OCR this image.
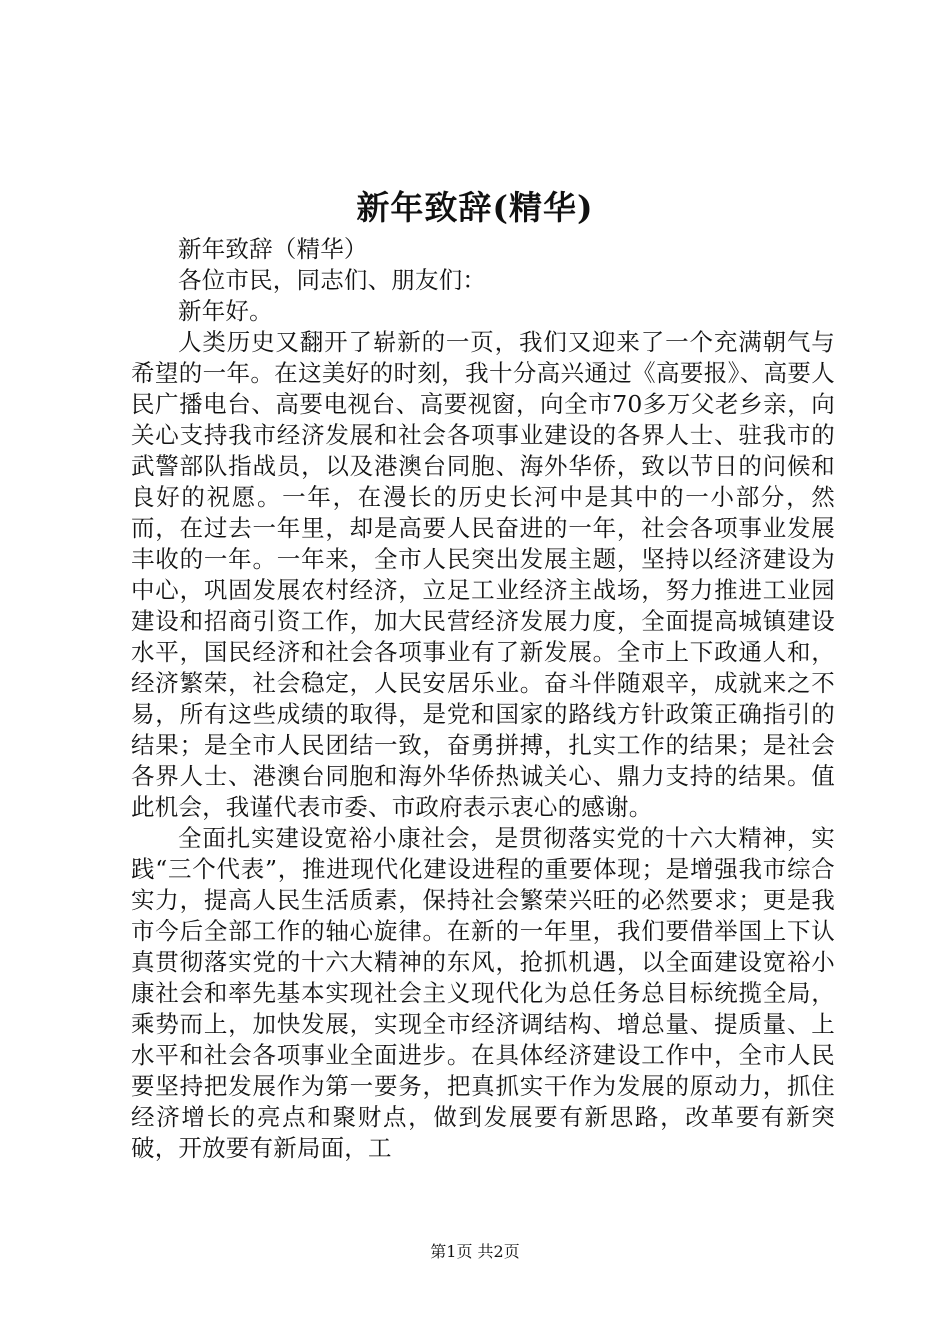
新年致辞(精华)

新年致辞（精华）

各位市民，同志们、朋友们：

新年好。

人类历史又翻开了崭新的一页，我们又迎来了一个充满朝气与希望的一年。在这美好的时刻，我十分高兴通过《高要报》、高要人民广播电台、高要电视台、高要视窗，向全市70多万父老乡亲，向关心支持我市经济发展和社会各项事业建设的各界人士、驻我市的武警部队指战员，以及港澳台同胞、海外华侨，致以节日的问候和良好的祝愿。一年，在漫长的历史长河中是其中的一小部分，然而，在过去一年里，却是高要人民奋进的一年，社会各项事业发展丰收的一年。一年来，全市人民突出发展主题，坚持以经济建设为中心，巩固发展农村经济，立足工业经济主战场，努力推进工业园建设和招商引资工作，加大民营经济发展力度，全面提高城镇建设水平，国民经济和社会各项事业有了新发展。全市上下政通人和，经济繁荣，社会稳定，人民安居乐业。奋斗伴随艰辛，成就来之不易，所有这些成绩的取得，是党和国家的路线方针政策正确指引的结果；是全市人民团结一致，奋勇拼搏，扎实工作的结果；是社会各界人士、港澳台同胞和海外华侨热诚关心、鼎力支持的结果。值此机会，我谨代表市委、市政府表示衷心的感谢。

全面扎实建设宽裕小康社会，是贯彻落实党的十六大精神，实践“三个代表”，推进现代化建设进程的重要体现；是增强我市综合实力，提高人民生活质素，保持社会繁荣兴旺的必然要求；更是我市今后全部工作的轴心旋律。在新的一年里，我们要借举国上下认真贯彻落实党的十六大精神的东风，抢抓机遇，以全面建设宽裕小康社会和率先基本实现社会主义现代化为总任务总目标统揽全局，乘势而上，加快发展，实现全市经济调结构、增总量、提质量、上水平和社会各项事业全面进步。在具体经济建设工作中，全市人民要坚持把发展作为第一要务，把真抓实干作为发展的原动力，抓住经济增长的亮点和聚财点，做到发展要有新思路，改革要有新突破，开放要有新局面，工

第1页 共2页
